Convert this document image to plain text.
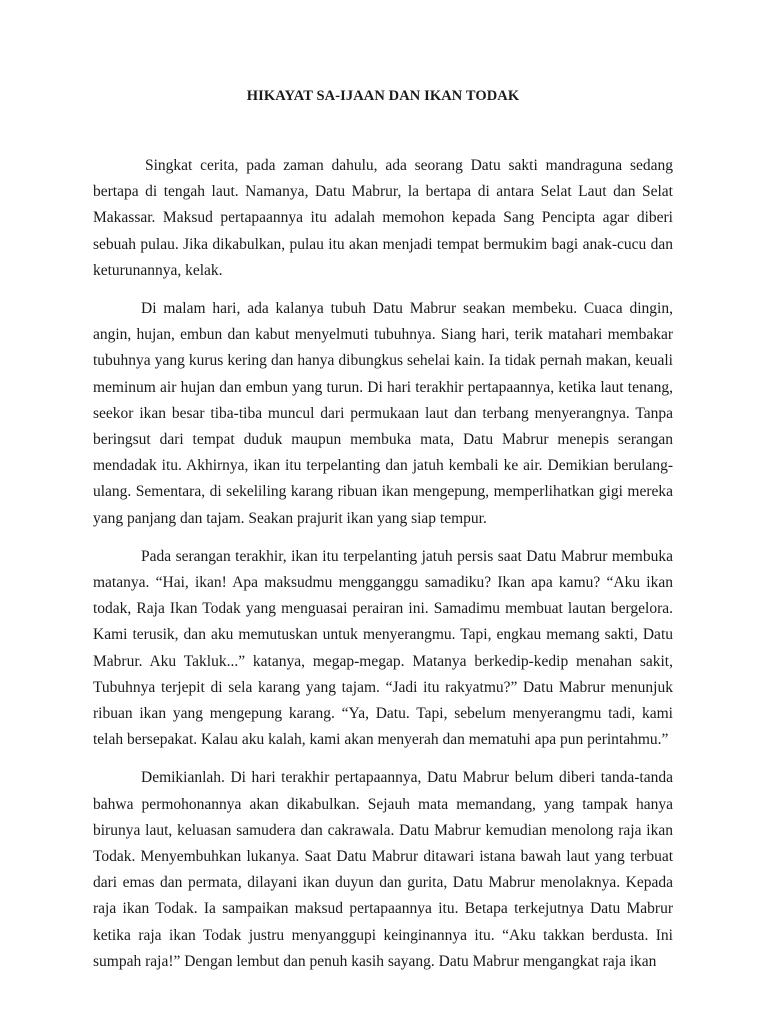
HIKAYAT SA-IJAAN DAN IKAN TODAK

Singkat cerita, pada zaman dahulu, ada seorang Datu sakti mandraguna sedang bertapa di tengah laut. Namanya, Datu Mabrur, la bertapa di antara Selat Laut dan Selat Makassar. Maksud pertapaannya itu adalah memohon kepada Sang Pencipta agar diberi sebuah pulau. Jika dikabulkan, pulau itu akan menjadi tempat bermukim bagi anak-cucu dan keturunannya, kelak.

Di malam hari, ada kalanya tubuh Datu Mabrur seakan membeku. Cuaca dingin, angin, hujan, embun dan kabut menyelmuti tubuhnya. Siang hari, terik matahari membakar tubuhnya yang kurus kering dan hanya dibungkus sehelai kain. Ia tidak pernah makan, keuali meminum air hujan dan embun yang turun. Di hari terakhir pertapaannya, ketika laut tenang, seekor ikan besar tiba-tiba muncul dari permukaan laut dan terbang menyerangnya. Tanpa beringsut dari tempat duduk maupun membuka mata, Datu Mabrur menepis serangan mendadak itu. Akhirnya, ikan itu terpelanting dan jatuh kembali ke air. Demikian berulang-ulang. Sementara, di sekeliling karang ribuan ikan mengepung, memperlihatkan gigi mereka yang panjang dan tajam. Seakan prajurit ikan yang siap tempur.

Pada serangan terakhir, ikan itu terpelanting jatuh persis saat Datu Mabrur membuka matanya. “Hai, ikan! Apa maksudmu mengganggu samadiku? Ikan apa kamu? “Aku ikan todak, Raja Ikan Todak yang menguasai perairan ini. Samadimu membuat lautan bergelora. Kami terusik, dan aku memutuskan untuk menyerangmu. Tapi, engkau memang sakti, Datu Mabrur. Aku Takluk...” katanya, megap-megap. Matanya berkedip-kedip menahan sakit, Tubuhnya terjepit di sela karang yang tajam. “Jadi itu rakyatmu?” Datu Mabrur menunjuk ribuan ikan yang mengepung karang. “Ya, Datu. Tapi, sebelum menyerangmu tadi, kami telah bersepakat. Kalau aku kalah, kami akan menyerah dan mematuhi apa pun perintahmu.”

Demikianlah. Di hari terakhir pertapaannya, Datu Mabrur belum diberi tanda-tanda bahwa permohonannya akan dikabulkan. Sejauh mata memandang, yang tampak hanya birunya laut, keluasan samudera dan cakrawala. Datu Mabrur kemudian menolong raja ikan Todak. Menyembuhkan lukanya. Saat Datu Mabrur ditawari istana bawah laut yang terbuat dari emas dan permata, dilayani ikan duyun dan gurita, Datu Mabrur menolaknya. Kepada raja ikan Todak. Ia sampaikan maksud pertapaannya itu. Betapa terkejutnya Datu Mabrur ketika raja ikan Todak justru menyanggupi keinginannya itu. “Aku takkan berdusta. Ini sumpah raja!” Dengan lembut dan penuh kasih sayang. Datu Mabrur mengangkat raja ikan
